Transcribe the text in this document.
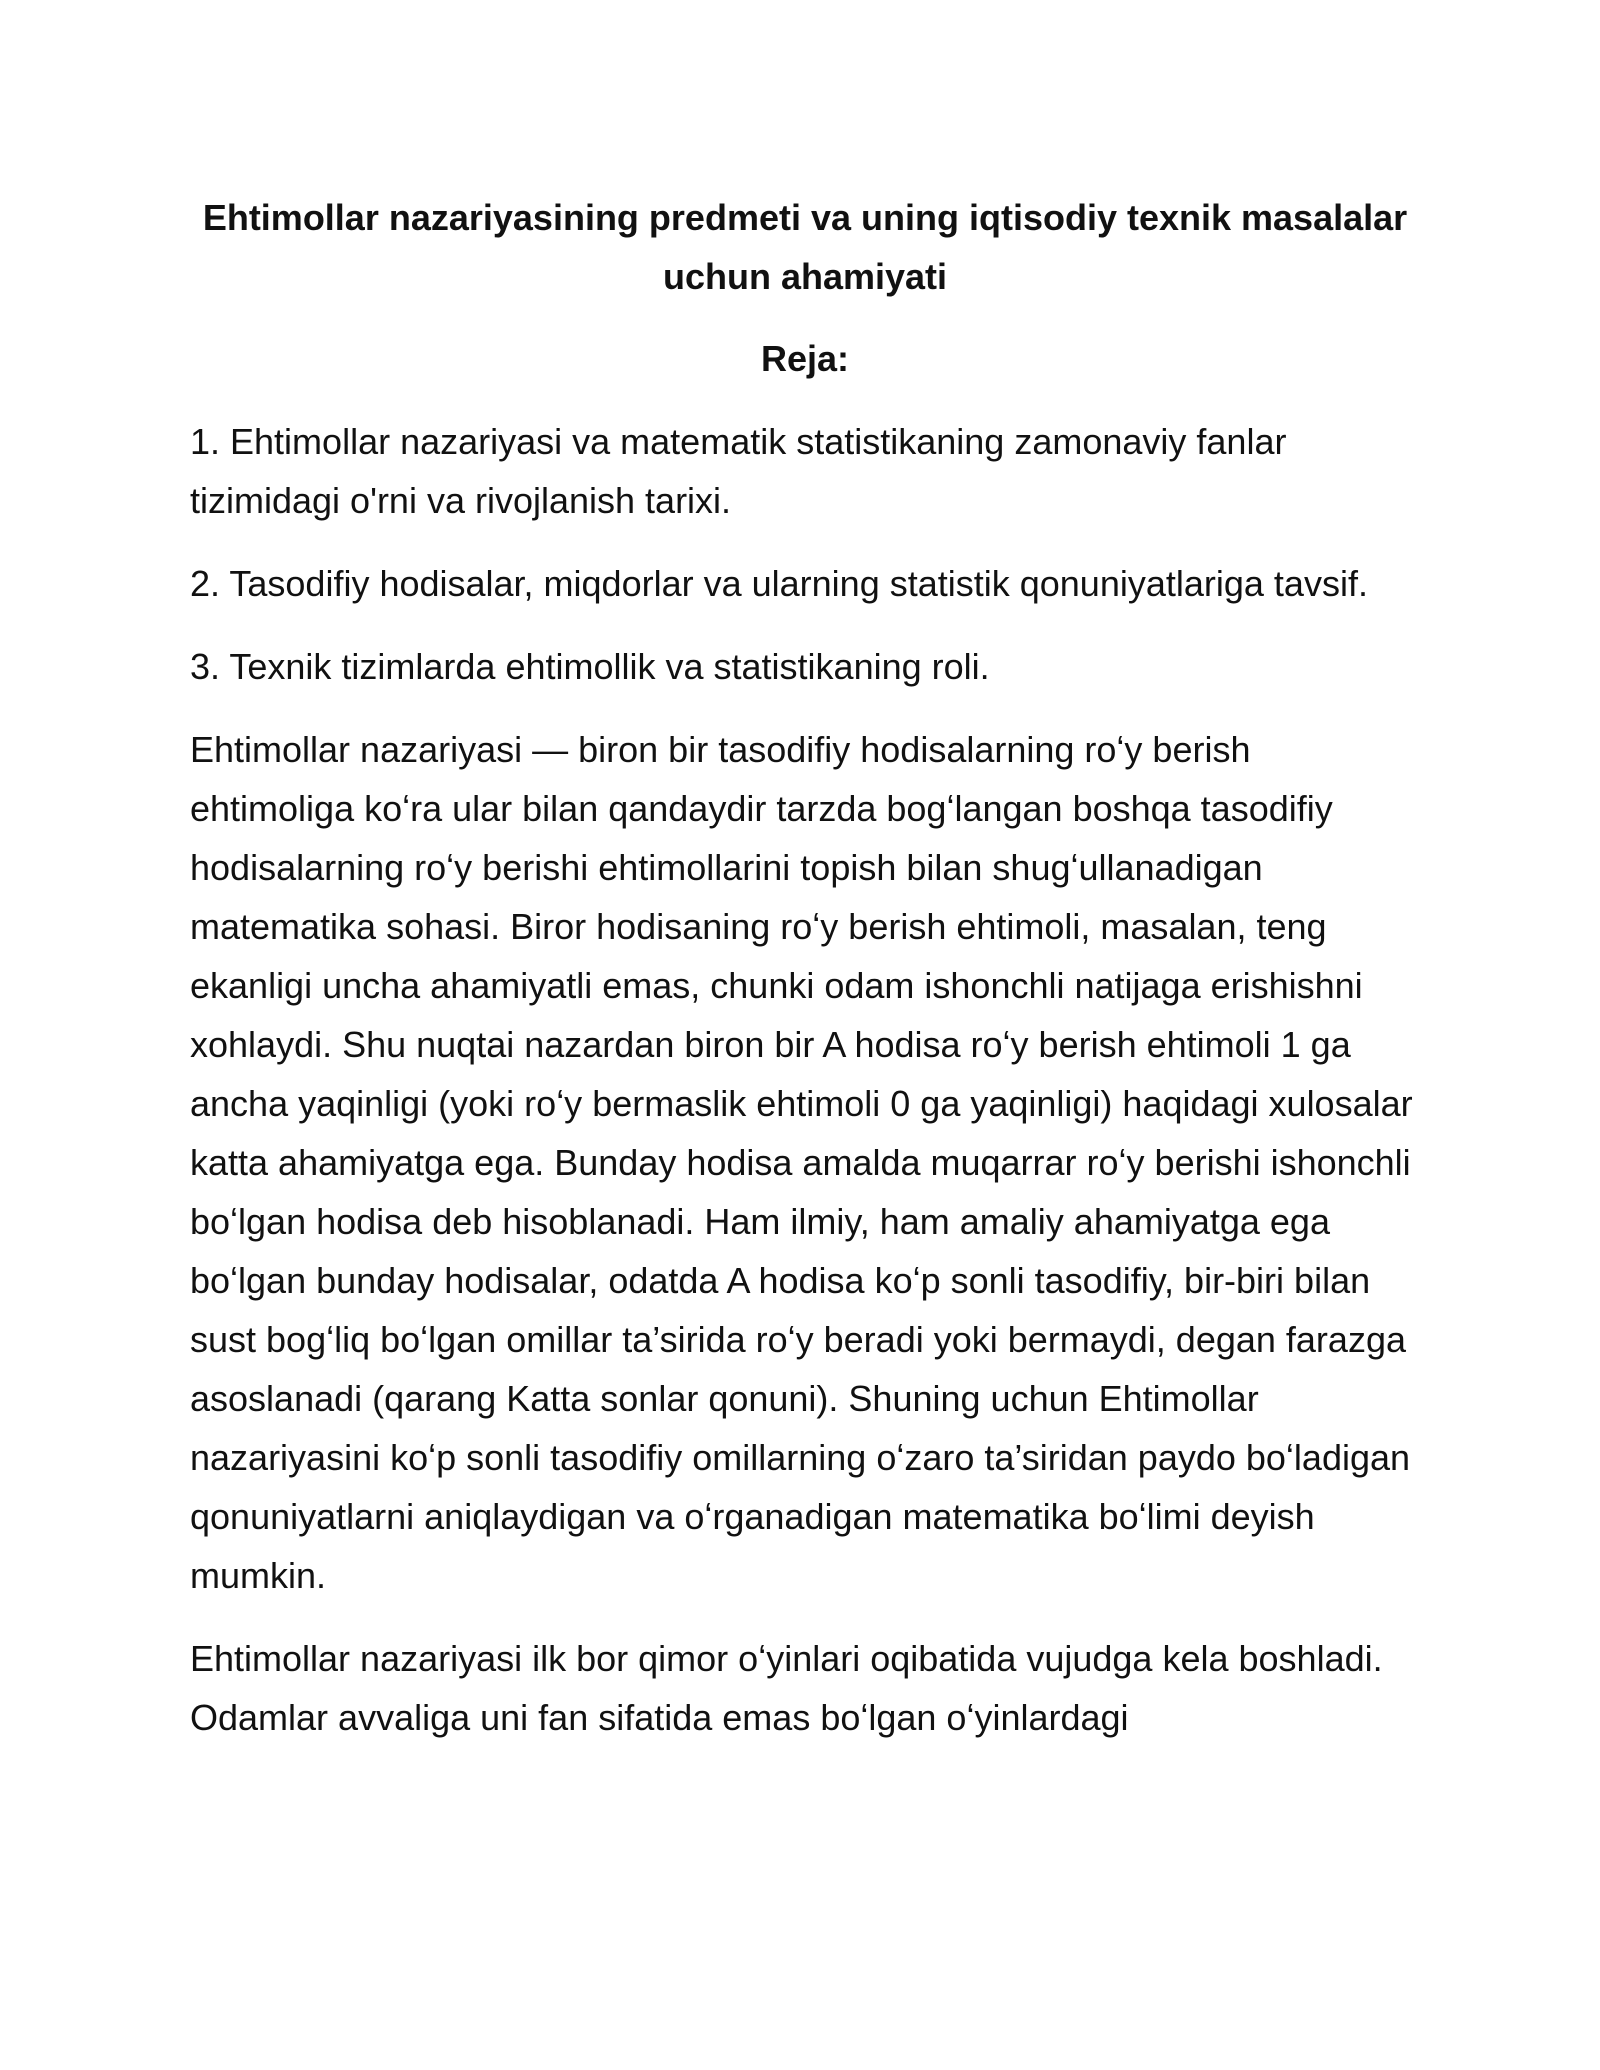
Ehtimollar nazariyasining predmeti va uning iqtisodiy texnik masalalar uchun ahamiyati

Reja:

1. Ehtimollar nazariyasi va matematik statistikaning zamonaviy fanlar tizimidagi o'rni va rivojlanish tarixi.

2. Tasodifiy hodisalar, miqdorlar va ularning statistik qonuniyatlariga tavsif.

3. Texnik tizimlarda ehtimollik va statistikaning roli.

Ehtimollar nazariyasi — biron bir tasodifiy hodisalarning roʻy berish ehtimoliga koʻra ular bilan qandaydir tarzda bogʻlangan boshqa tasodifiy hodisalarning roʻy berishi ehtimollarini topish bilan shugʻullanadigan matematika sohasi. Biror hodisaning roʻy berish ehtimoli, masalan, teng ekanligi uncha ahamiyatli emas, chunki odam ishonchli natijaga erishishni xohlaydi. Shu nuqtai nazardan biron bir A hodisa roʻy berish ehtimoli 1 ga ancha yaqinligi (yoki roʻy bermaslik ehtimoli 0 ga yaqinligi) haqidagi xulosalar katta ahamiyatga ega. Bunday hodisa amalda muqarrar roʻy berishi ishonchli boʻlgan hodisa deb hisoblanadi. Ham ilmiy, ham amaliy ahamiyatga ega boʻlgan bunday hodisalar, odatda A hodisa koʻp sonli tasodifiy, bir-biri bilan sust bogʻliq boʻlgan omillar ta’sirida roʻy beradi yoki bermaydi, degan farazga asoslanadi (qarang Katta sonlar qonuni). Shuning uchun Ehtimollar nazariyasini koʻp sonli tasodifiy omillarning oʻzaro ta’siridan paydo boʻladigan qonuniyatlarni aniqlaydigan va oʻrganadigan matematika boʻlimi deyish mumkin.

Ehtimollar nazariyasi ilk bor qimor oʻyinlari oqibatida vujudga kela boshladi. Odamlar avvaliga uni fan sifatida emas boʻlgan oʻyinlardagi
